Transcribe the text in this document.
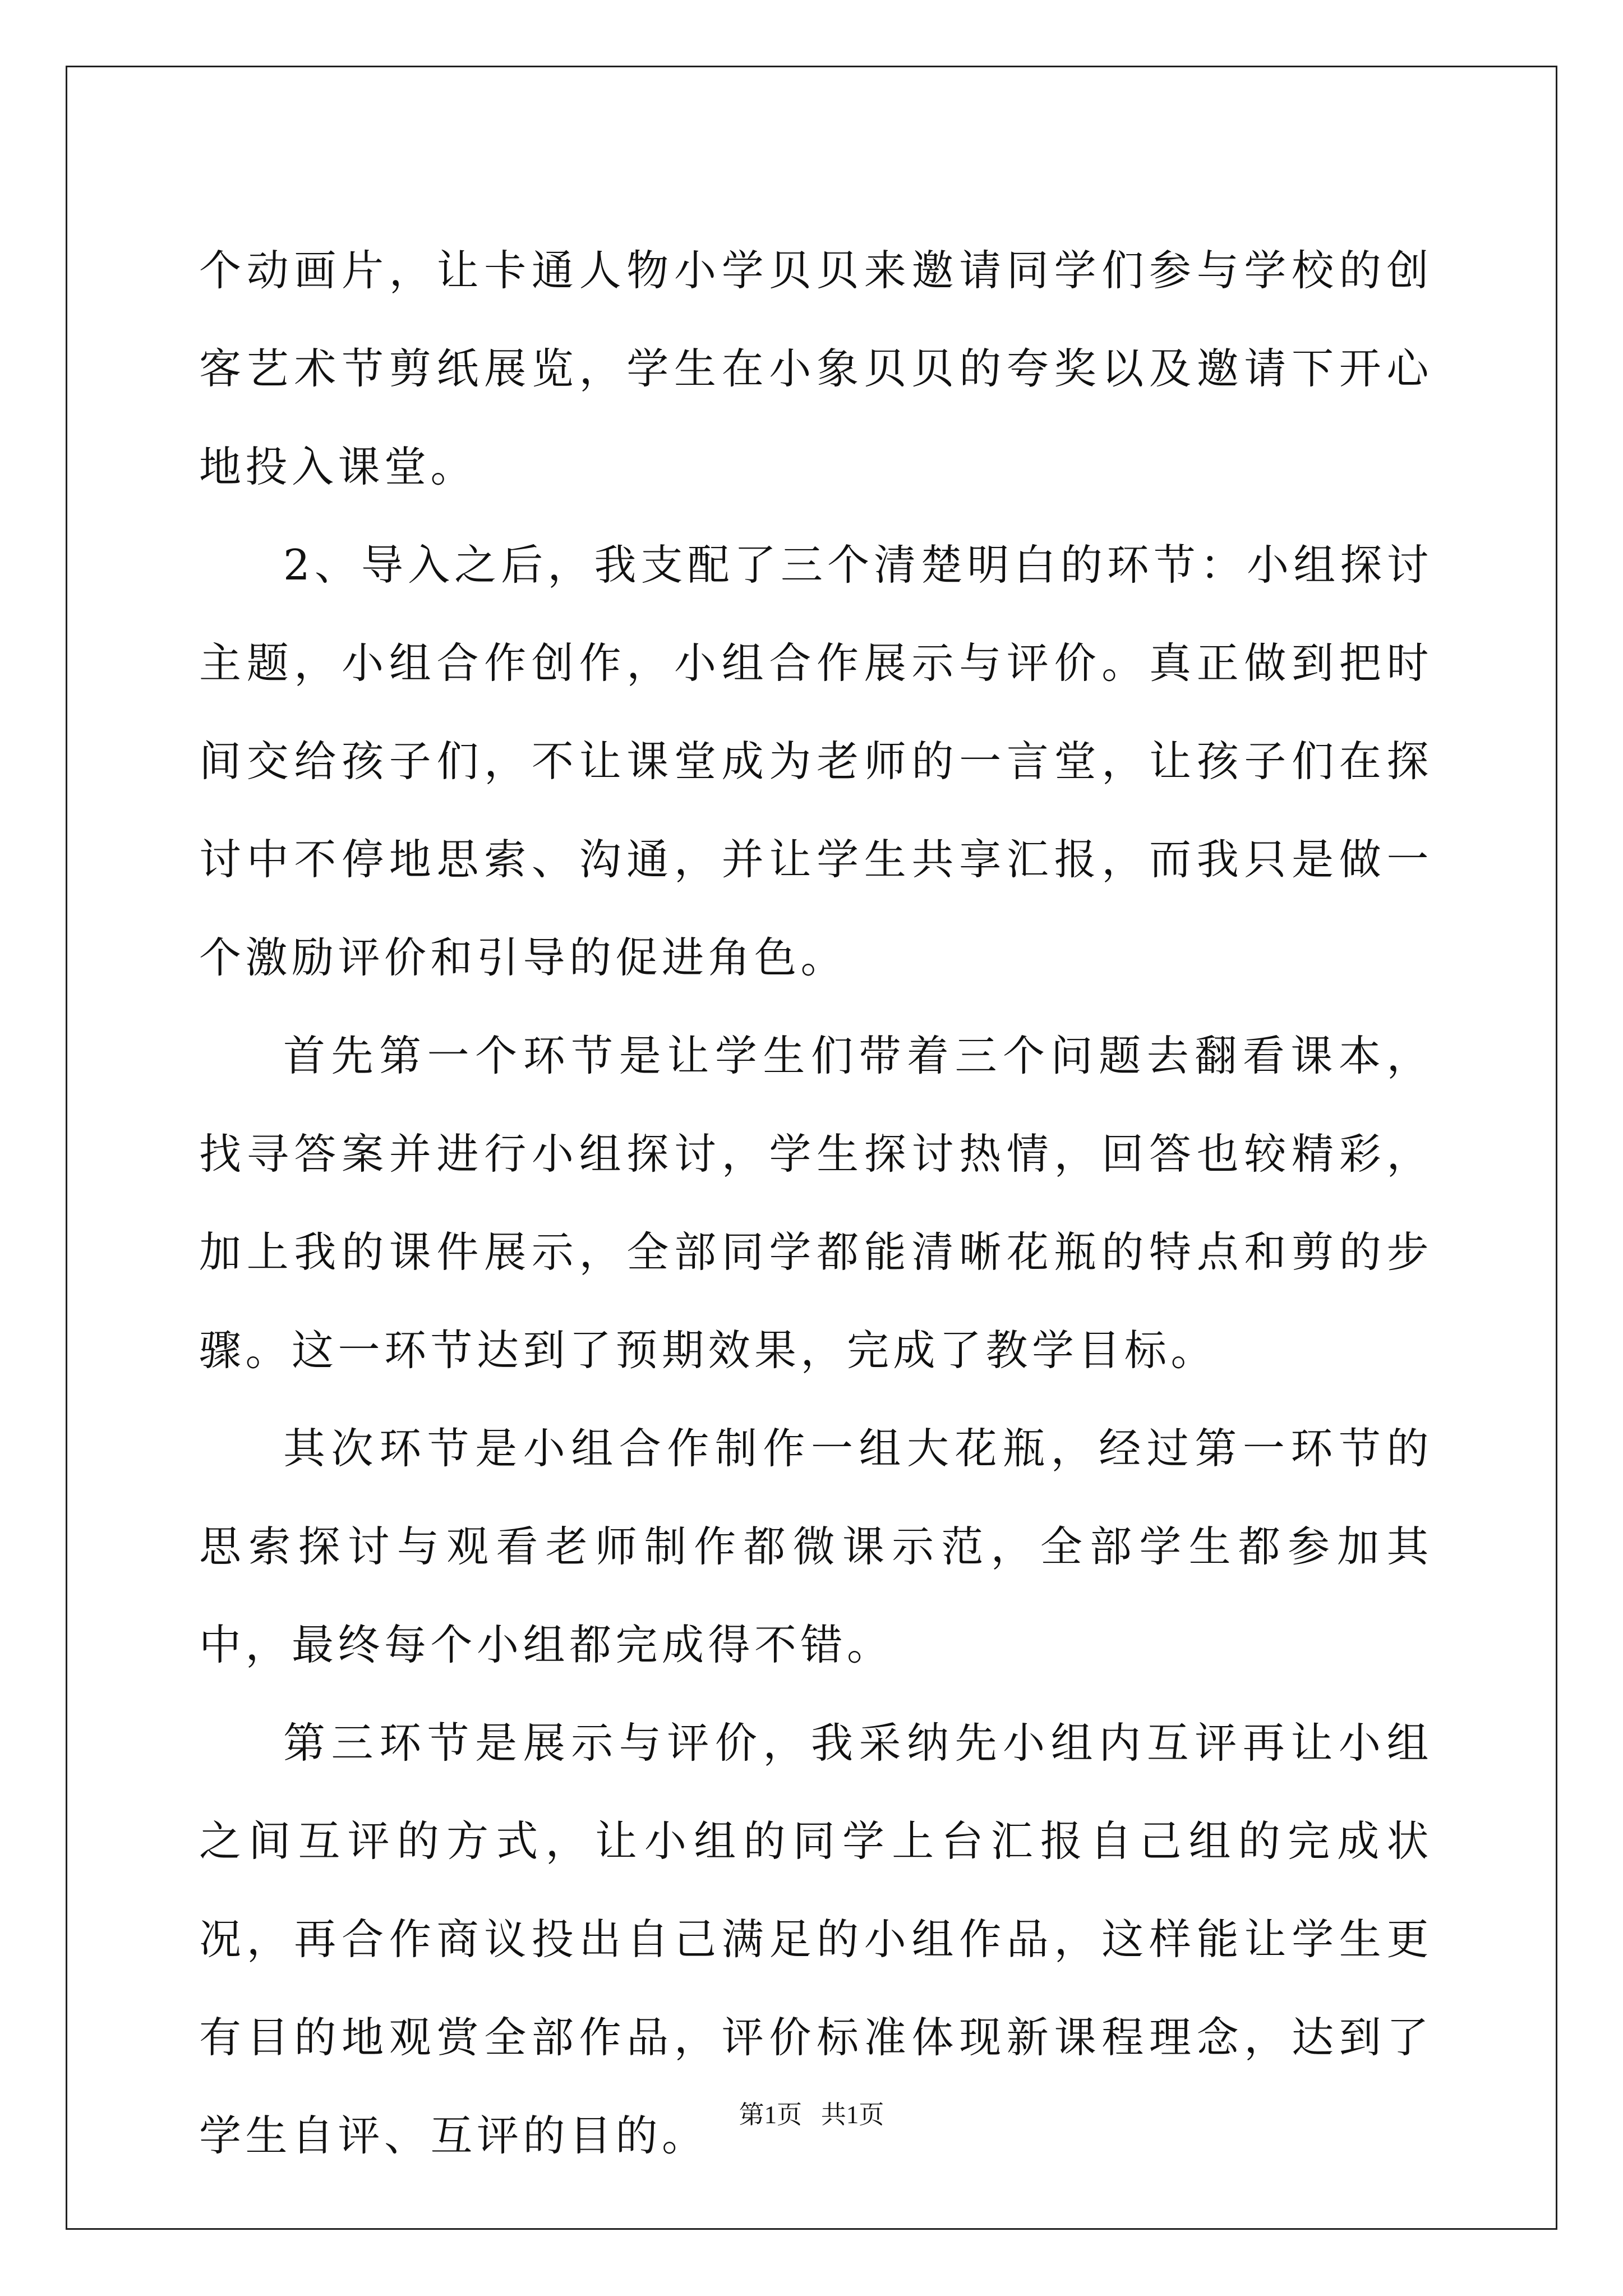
个动画片，让卡通人物小学贝贝来邀请同学们参与学校的创客艺术节剪纸展览，学生在小象贝贝的夸奖以及邀请下开心地投入课堂。

2、导入之后，我支配了三个清楚明白的环节：小组探讨主题，小组合作创作，小组合作展示与评价。真正做到把时间交给孩子们，不让课堂成为老师的一言堂，让孩子们在探讨中不停地思索、沟通，并让学生共享汇报，而我只是做一个激励评价和引导的促进角色。

首先第一个环节是让学生们带着三个问题去翻看课本，找寻答案并进行小组探讨，学生探讨热情，回答也较精彩，加上我的课件展示，全部同学都能清晰花瓶的特点和剪的步骤。这一环节达到了预期效果，完成了教学目标。

其次环节是小组合作制作一组大花瓶，经过第一环节的思索探讨与观看老师制作都微课示范，全部学生都参加其中，最终每个小组都完成得不错。

第三环节是展示与评价，我采纳先小组内互评再让小组之间互评的方式，让小组的同学上台汇报自己组的完成状况，再合作商议投出自己满足的小组作品，这样能让学生更有目的地观赏全部作品，评价标准体现新课程理念，达到了学生自评、互评的目的。	第1页 共1页
